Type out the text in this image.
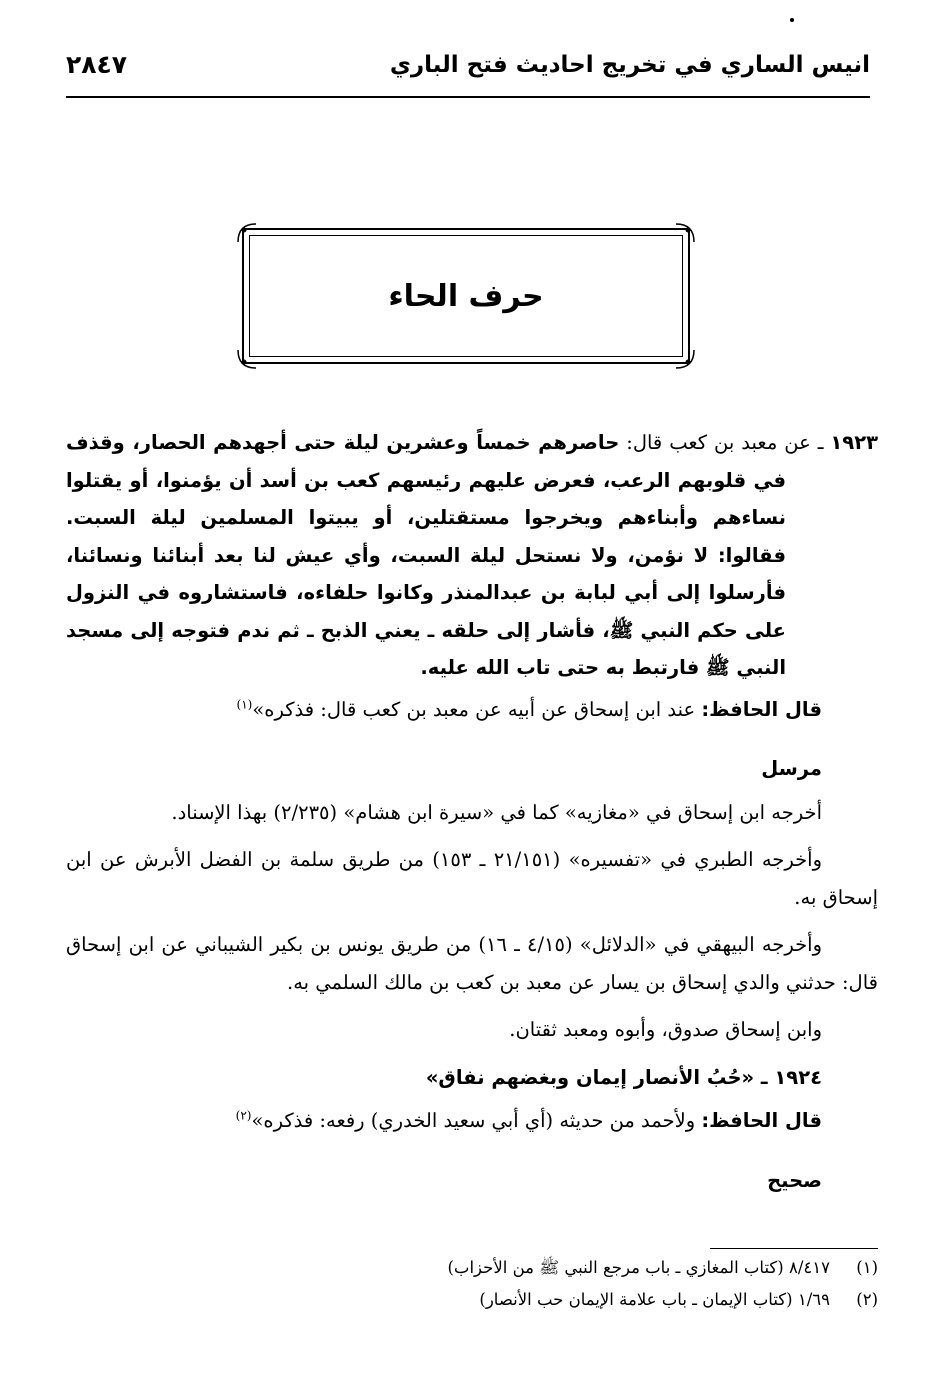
انيس الساري في تخريج احاديث فتح الباري
٢٨٤٧
حرف الحاء

١٩٢٣ ـ عن معبد بن كعب قال: حاصرهم خمساً وعشرين ليلة حتى أجهدهم الحصار، وقذف في قلوبهم الرعب، فعرض عليهم رئيسهم كعب بن أسد أن يؤمنوا، أو يقتلوا نساءهم وأبناءهم ويخرجوا مستقتلين، أو يبيتوا المسلمين ليلة السبت. فقالوا: لا نؤمن، ولا نستحل ليلة السبت، وأي عيش لنا بعد أبنائنا ونسائنا، فأرسلوا إلى أبي لبابة بن عبدالمنذر وكانوا حلفاءه، فاستشاروه في النزول على حكم النبي ﷺ، فأشار إلى حلقه ـ يعني الذبح ـ ثم ندم فتوجه إلى مسجد النبي ﷺ فارتبط به حتى تاب الله عليه.

قال الحافظ: عند ابن إسحاق عن أبيه عن معبد بن كعب قال: فذكره»$^{(١)}$

مرسل

أخرجه ابن إسحاق في «مغازيه» كما في «سيرة ابن هشام» (٢/٢٣٥) بهذا الإسناد.

وأخرجه الطبري في «تفسيره» (٢١/١٥١ ـ ١٥٣) من طريق سلمة بن الفضل الأبرش عن ابن إسحاق به.

وأخرجه البيهقي في «الدلائل» (٤/١٥ ـ ١٦) من طريق يونس بن بكير الشيباني عن ابن إسحاق قال: حدثني والدي إسحاق بن يسار عن معبد بن كعب بن مالك السلمي به.

وابن إسحاق صدوق، وأبوه ومعبد ثقتان.

١٩٢٤ ـ «حُبُ الأنصار إيمان وبغضهم نفاق»

قال الحافظ: ولأحمد من حديثه (أي أبي سعيد الخدري) رفعه: فذكره»$^{(٢)}$

صحيح

(١)
٨/٤١٧ (كتاب المغازي ـ باب مرجع النبي ﷺ من الأحزاب)
(٢)
١/٦٩ (كتاب الإيمان ـ باب علامة الإيمان حب الأنصار)
